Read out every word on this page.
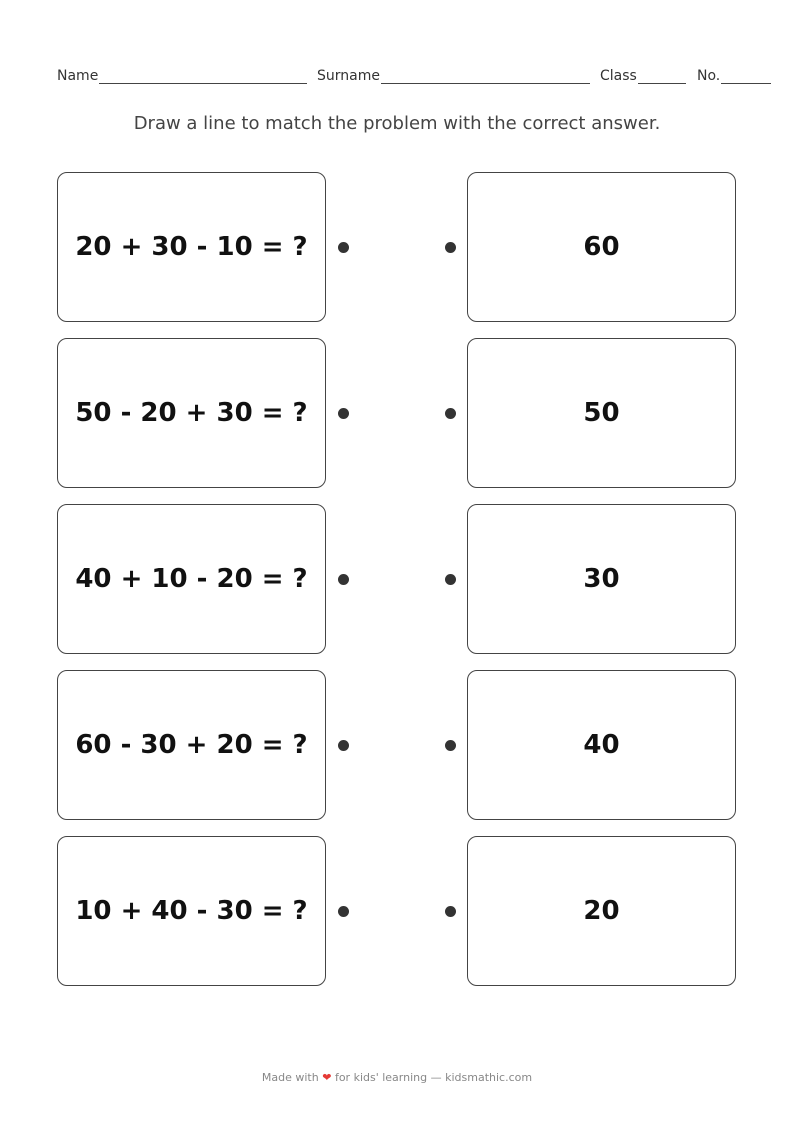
Name	Surname	Class	No.
Draw a line to match the problem with the correct answer.
20 + 30 - 10 = ?	60
50 - 20 + 30 = ?	50
40 + 10 - 20 = ?	30
60 - 30 + 20 = ?	40
10 + 40 - 30 = ?	20
Made with ❤ for kids' learning — kidsmathic.com
